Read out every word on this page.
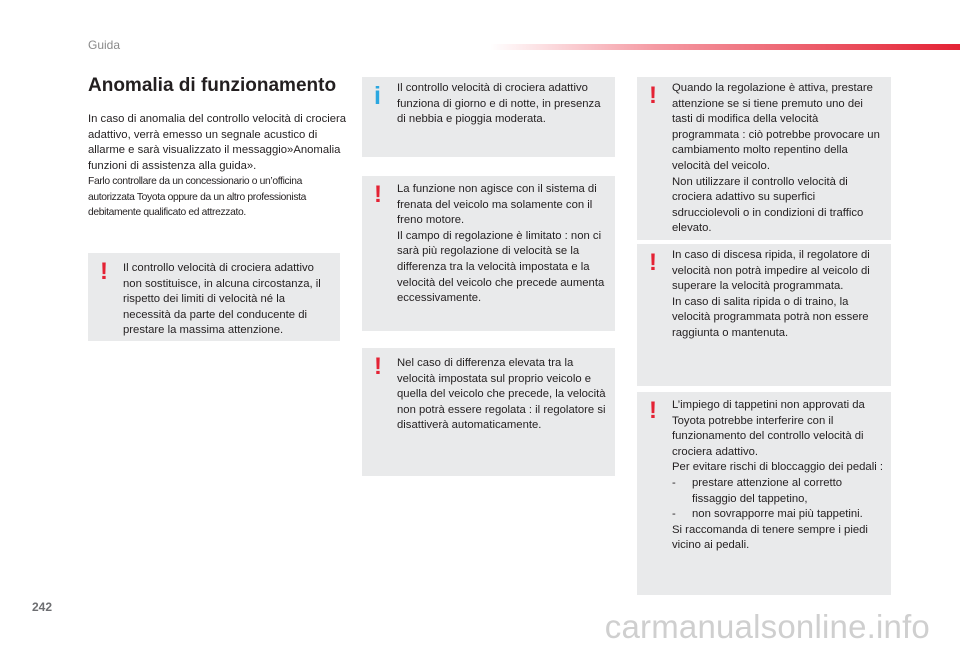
Guida
242
Anomalia di funzionamento

In caso di anomalia del controllo velocità di crociera adattivo, verrà emesso un segnale acustico di allarme e sarà visualizzato il messaggio»Anomalia funzioni di assistenza alla guida».

Farlo controllare da un concessionario o un’officina autorizzata Toyota oppure da un altro professionista debitamente qualificato ed attrezzato.

! Il controllo velocità di crociera adattivo non sostituisce, in alcuna circostanza, il rispetto dei limiti di velocità né la necessità da parte del conducente di prestare la massima attenzione.

i Il controllo velocità di crociera adattivo funziona di giorno e di notte, in presenza di nebbia e pioggia moderata.

! La funzione non agisce con il sistema di frenata del veicolo ma solamente con il freno motore.

Il campo di regolazione è limitato : non ci sarà più regolazione di velocità se la differenza tra la velocità impostata e la velocità del veicolo che precede aumenta eccessivamente.

! Nel caso di differenza elevata tra la velocità impostata sul proprio veicolo e quella del veicolo che precede, la velocità non potrà essere regolata : il regolatore si disattiverà automaticamente.

! Quando la regolazione è attiva, prestare attenzione se si tiene premuto uno dei tasti di modifica della velocità programmata : ciò potrebbe provocare un cambiamento molto repentino della velocità del veicolo.

Non utilizzare il controllo velocità di crociera adattivo su superfici sdrucciolevoli o in condizioni di traffico elevato.

! In caso di discesa ripida, il regolatore di velocità non potrà impedire al veicolo di superare la velocità programmata.

In caso di salita ripida o di traino, la velocità programmata potrà non essere raggiunta o mantenuta.

! L’impiego di tappetini non approvati da Toyota potrebbe interferire con il funzionamento del controllo velocità di crociera adattivo.

Per evitare rischi di bloccaggio dei pedali :

-	prestare attenzione al corretto fissaggio del tappetino,
-	non sovrapporre mai più tappetini.

Si raccomanda di tenere sempre i piedi vicino ai pedali.

carmanualsonline.info
